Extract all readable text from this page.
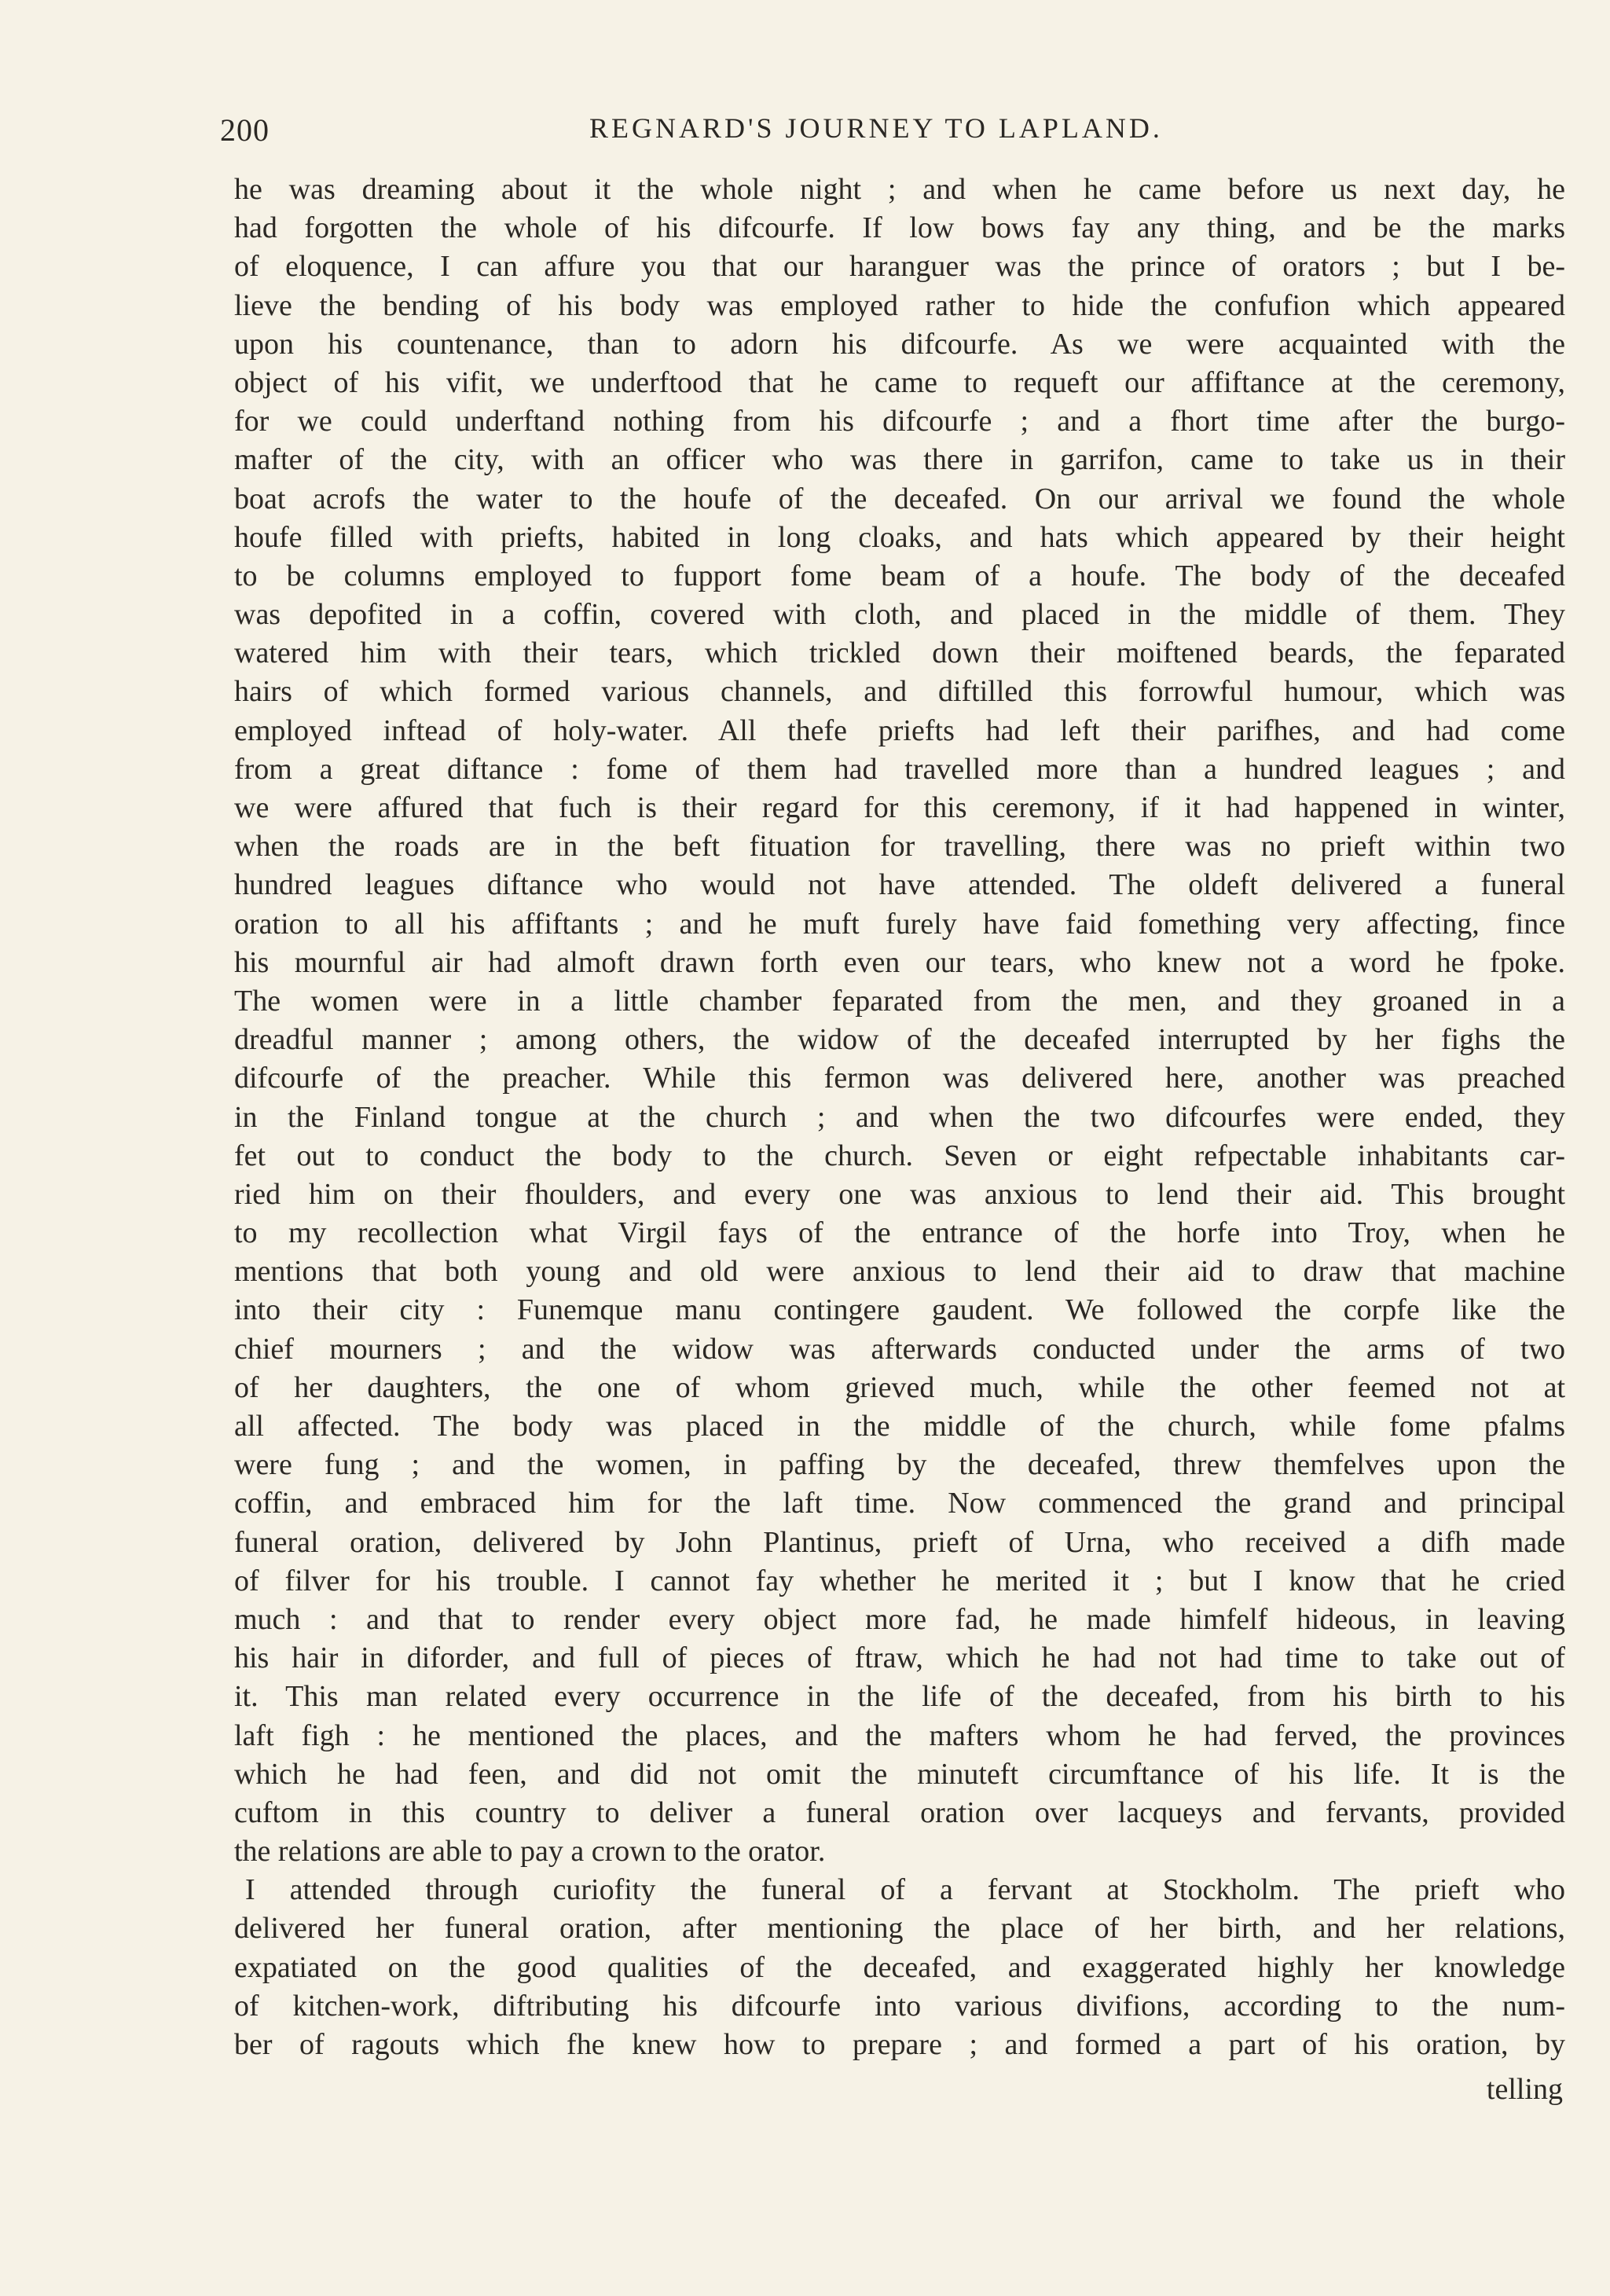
200	REGNARD'S JOURNEY TO LAPLAND.
he was dreaming about it the whole night ; and when he came before us next day, he
had forgotten the whole of his difcourfe. If low bows fay any thing, and be the marks
of eloquence, I can affure you that our haranguer was the prince of orators ; but I be-
lieve the bending of his body was employed rather to hide the confufion which appeared
upon his countenance, than to adorn his difcourfe. As we were acquainted with the
object of his vifit, we underftood that he came to requeft our affiftance at the ceremony,
for we could underftand nothing from his difcourfe ; and a fhort time after the burgo-
mafter of the city, with an officer who was there in garrifon, came to take us in their
boat acrofs the water to the houfe of the deceafed. On our arrival we found the whole
houfe filled with priefts, habited in long cloaks, and hats which appeared by their height
to be columns employed to fupport fome beam of a houfe. The body of the deceafed
was depofited in a coffin, covered with cloth, and placed in the middle of them. They
watered him with their tears, which trickled down their moiftened beards, the feparated
hairs of which formed various channels, and diftilled this forrowful humour, which was
employed inftead of holy-water. All thefe priefts had left their parifhes, and had come
from a great diftance : fome of them had travelled more than a hundred leagues ; and
we were affured that fuch is their regard for this ceremony, if it had happened in winter,
when the roads are in the beft fituation for travelling, there was no prieft within two
hundred leagues diftance who would not have attended. The oldeft delivered a funeral
oration to all his affiftants ; and he muft furely have faid fomething very affecting, fince
his mournful air had almoft drawn forth even our tears, who knew not a word he fpoke.
The women were in a little chamber feparated from the men, and they groaned in a
dreadful manner ; among others, the widow of the deceafed interrupted by her fighs the
difcourfe of the preacher. While this fermon was delivered here, another was preached
in the Finland tongue at the church ; and when the two difcourfes were ended, they
fet out to conduct the body to the church. Seven or eight refpectable inhabitants car-
ried him on their fhoulders, and every one was anxious to lend their aid. This brought
to my recollection what Virgil fays of the entrance of the horfe into Troy, when he
mentions that both young and old were anxious to lend their aid to draw that machine
into their city : Funemque manu contingere gaudent. We followed the corpfe like the
chief mourners ; and the widow was afterwards conducted under the arms of two
of her daughters, the one of whom grieved much, while the other feemed not at
all affected. The body was placed in the middle of the church, while fome pfalms
were fung ; and the women, in paffing by the deceafed, threw themfelves upon the
coffin, and embraced him for the laft time. Now commenced the grand and principal
funeral oration, delivered by John Plantinus, prieft of Urna, who received a difh made
of filver for his trouble. I cannot fay whether he merited it ; but I know that he cried
much : and that to render every object more fad, he made himfelf hideous, in leaving
his hair in diforder, and full of pieces of ftraw, which he had not had time to take out of
it. This man related every occurrence in the life of the deceafed, from his birth to his
laft figh : he mentioned the places, and the mafters whom he had ferved, the provinces
which he had feen, and did not omit the minuteft circumftance of his life. It is the
cuftom in this country to deliver a funeral oration over lacqueys and fervants, provided
the relations are able to pay a crown to the orator.
I attended through curiofity the funeral of a fervant at Stockholm. The prieft who
delivered her funeral oration, after mentioning the place of her birth, and her relations,
expatiated on the good qualities of the deceafed, and exaggerated highly her knowledge
of kitchen-work, diftributing his difcourfe into various divifions, according to the num-
ber of ragouts which fhe knew how to prepare ; and formed a part of his oration, by
telling
